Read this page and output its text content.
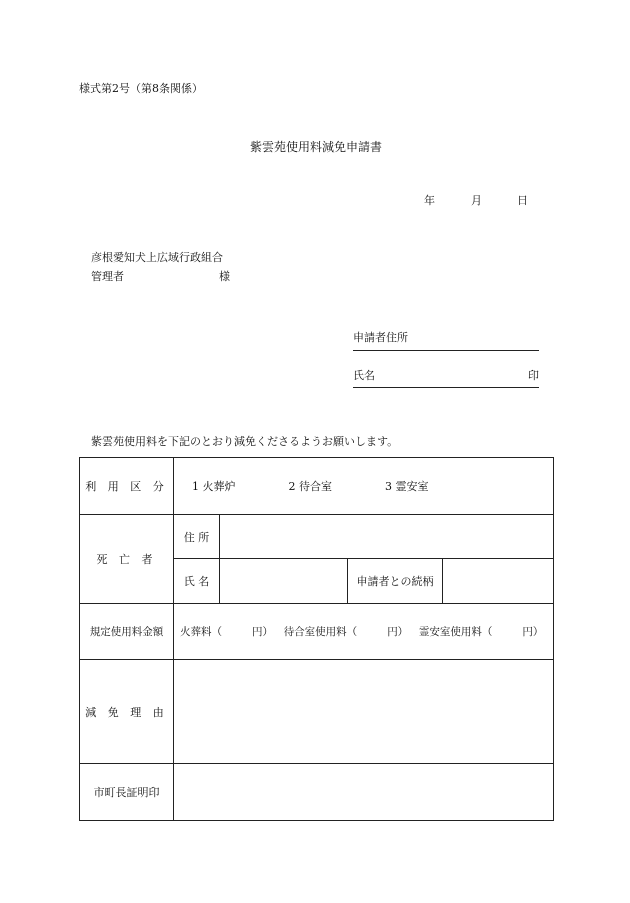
様式第2号（第8条関係）
紫雲苑使用料減免申請書
年	月	日
彦根愛知犬上広域行政組合
管理者	様
申請者住所
氏名	印
紫雲苑使用料を下記のとおり減免くださるようお願いします。
利 用 区 分	1 火葬炉 2 待合室 3 霊安室			
死 亡 者	住 所			
	氏 名		申請者との続柄	
規定使用料金額	火葬料（ 円） 待合室使用料（ 円） 霊安室使用料（ 円）			
減 免 理 由				
市町長証明印				
